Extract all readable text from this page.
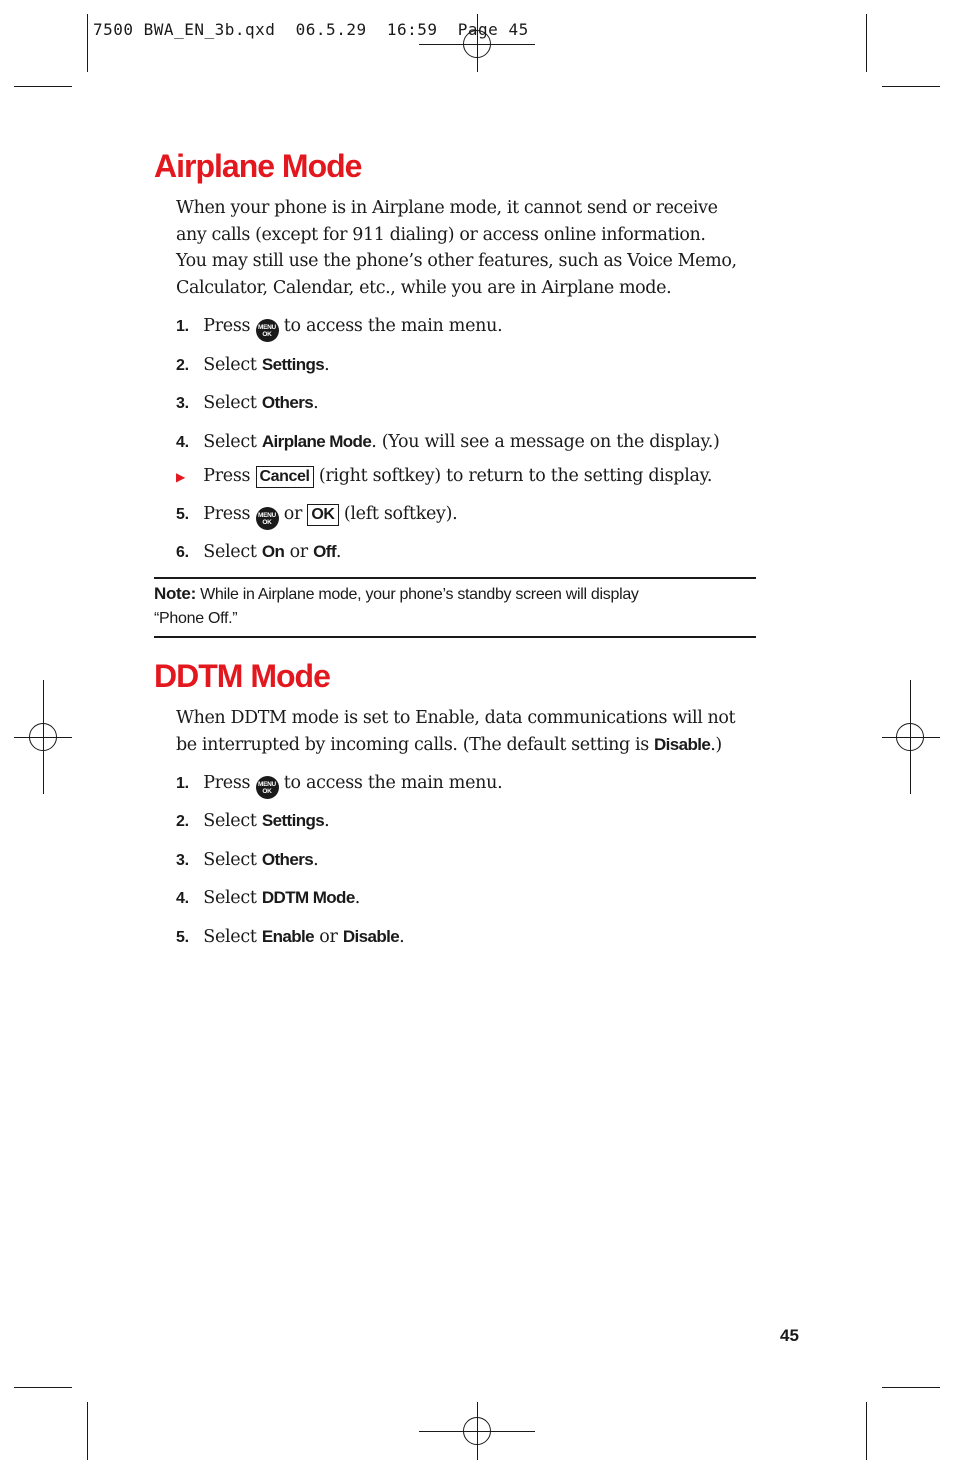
7500 BWA_EN_3b.qxd  06.5.29  16:59  Page 45
Airplane Mode
When your phone is in Airplane mode, it cannot send or receive
any calls (except for 911 dialing) or access online information.
You may still use the phone’s other features, such as Voice Memo,
Calculator, Calendar, etc., while you are in Airplane mode.
1. Press MENU
OK to access the main menu.
2. Select Settings.
3. Select Others.
4. Select Airplane Mode. (You will see a message on the display.)
▶ Press Cancel (right softkey) to return to the setting display.
5. Press MENU
OK or OK (left softkey).
6. Select On or Off.
Note: While in Airplane mode, your phone’s standby screen will display
“Phone Off.”
DDTM Mode
When DDTM mode is set to Enable, data communications will not
be interrupted by incoming calls. (The default setting is Disable.)
1. Press MENU
OK to access the main menu.
2. Select Settings.
3. Select Others.
4. Select DDTM Mode.
5. Select Enable or Disable.
45
